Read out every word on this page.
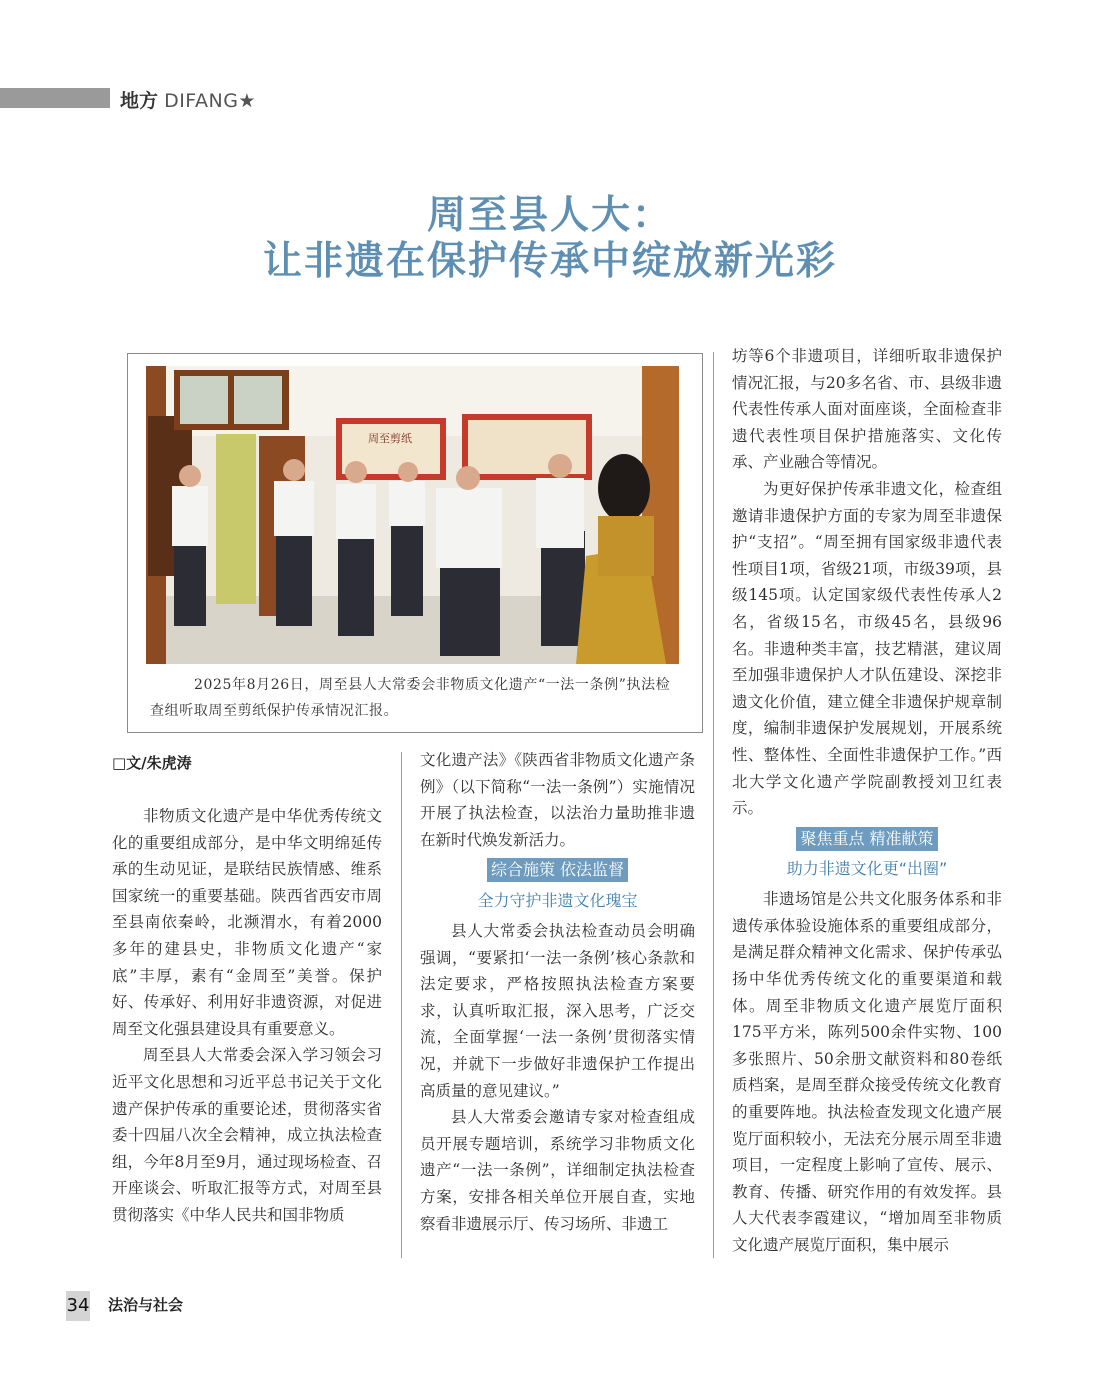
地方 DIFANG★
周至县人大：
让非遗在保护传承中绽放新光彩
周至剪纸
2025年8月26日，周至县人大常委会非物质文化遗产“一法一条例”执法检查组听取周至剪纸保护传承情况汇报。
□文/朱虎涛

非物质文化遗产是中华优秀传统文化的重要组成部分，是中华文明绵延传承的生动见证，是联结民族情感、维系国家统一的重要基础。陕西省西安市周至县南依秦岭，北濒渭水，有着2000多年的建县史，非物质文化遗产“家底”丰厚，素有“金周至”美誉。保护好、传承好、利用好非遗资源，对促进周至文化强县建设具有重要意义。

周至县人大常委会深入学习领会习近平文化思想和习近平总书记关于文化遗产保护传承的重要论述，贯彻落实省委十四届八次全会精神，成立执法检查组，今年8月至9月，通过现场检查、召开座谈会、听取汇报等方式，对周至县贯彻落实《中华人民共和国非物质

文化遗产法》《陕西省非物质文化遗产条例》（以下简称“一法一条例”）实施情况开展了执法检查，以法治力量助推非遗在新时代焕发新活力。

综合施策 依法监督
全力守护非遗文化瑰宝

县人大常委会执法检查动员会明确强调，“要紧扣‘一法一条例’核心条款和法定要求，严格按照执法检查方案要求，认真听取汇报，深入思考，广泛交流，全面掌握‘一法一条例’贯彻落实情况，并就下一步做好非遗保护工作提出高质量的意见建议。”

县人大常委会邀请专家对检查组成员开展专题培训，系统学习非物质文化遗产“一法一条例”，详细制定执法检查方案，安排各相关单位开展自查，实地察看非遗展示厅、传习场所、非遗工

坊等6个非遗项目，详细听取非遗保护情况汇报，与20多名省、市、县级非遗代表性传承人面对面座谈，全面检查非遗代表性项目保护措施落实、文化传承、产业融合等情况。

为更好保护传承非遗文化，检查组邀请非遗保护方面的专家为周至非遗保护“支招”。“周至拥有国家级非遗代表性项目1项，省级21项，市级39项，县级145项。认定国家级代表性传承人2名，省级15名，市级45名，县级96名。非遗种类丰富，技艺精湛，建议周至加强非遗保护人才队伍建设、深挖非遗文化价值，建立健全非遗保护规章制度，编制非遗保护发展规划，开展系统性、整体性、全面性非遗保护工作。”西北大学文化遗产学院副教授刘卫红表示。

聚焦重点 精准献策
助力非遗文化更“出圈”

非遗场馆是公共文化服务体系和非遗传承体验设施体系的重要组成部分，是满足群众精神文化需求、保护传承弘扬中华优秀传统文化的重要渠道和载体。周至非物质文化遗产展览厅面积175平方米，陈列500余件实物、100多张照片、50余册文献资料和80卷纸质档案，是周至群众接受传统文化教育的重要阵地。执法检查发现文化遗产展览厅面积较小，无法充分展示周至非遗项目，一定程度上影响了宣传、展示、教育、传播、研究作用的有效发挥。县人大代表李霞建议，“增加周至非物质文化遗产展览厅面积，集中展示

34 法治与社会
